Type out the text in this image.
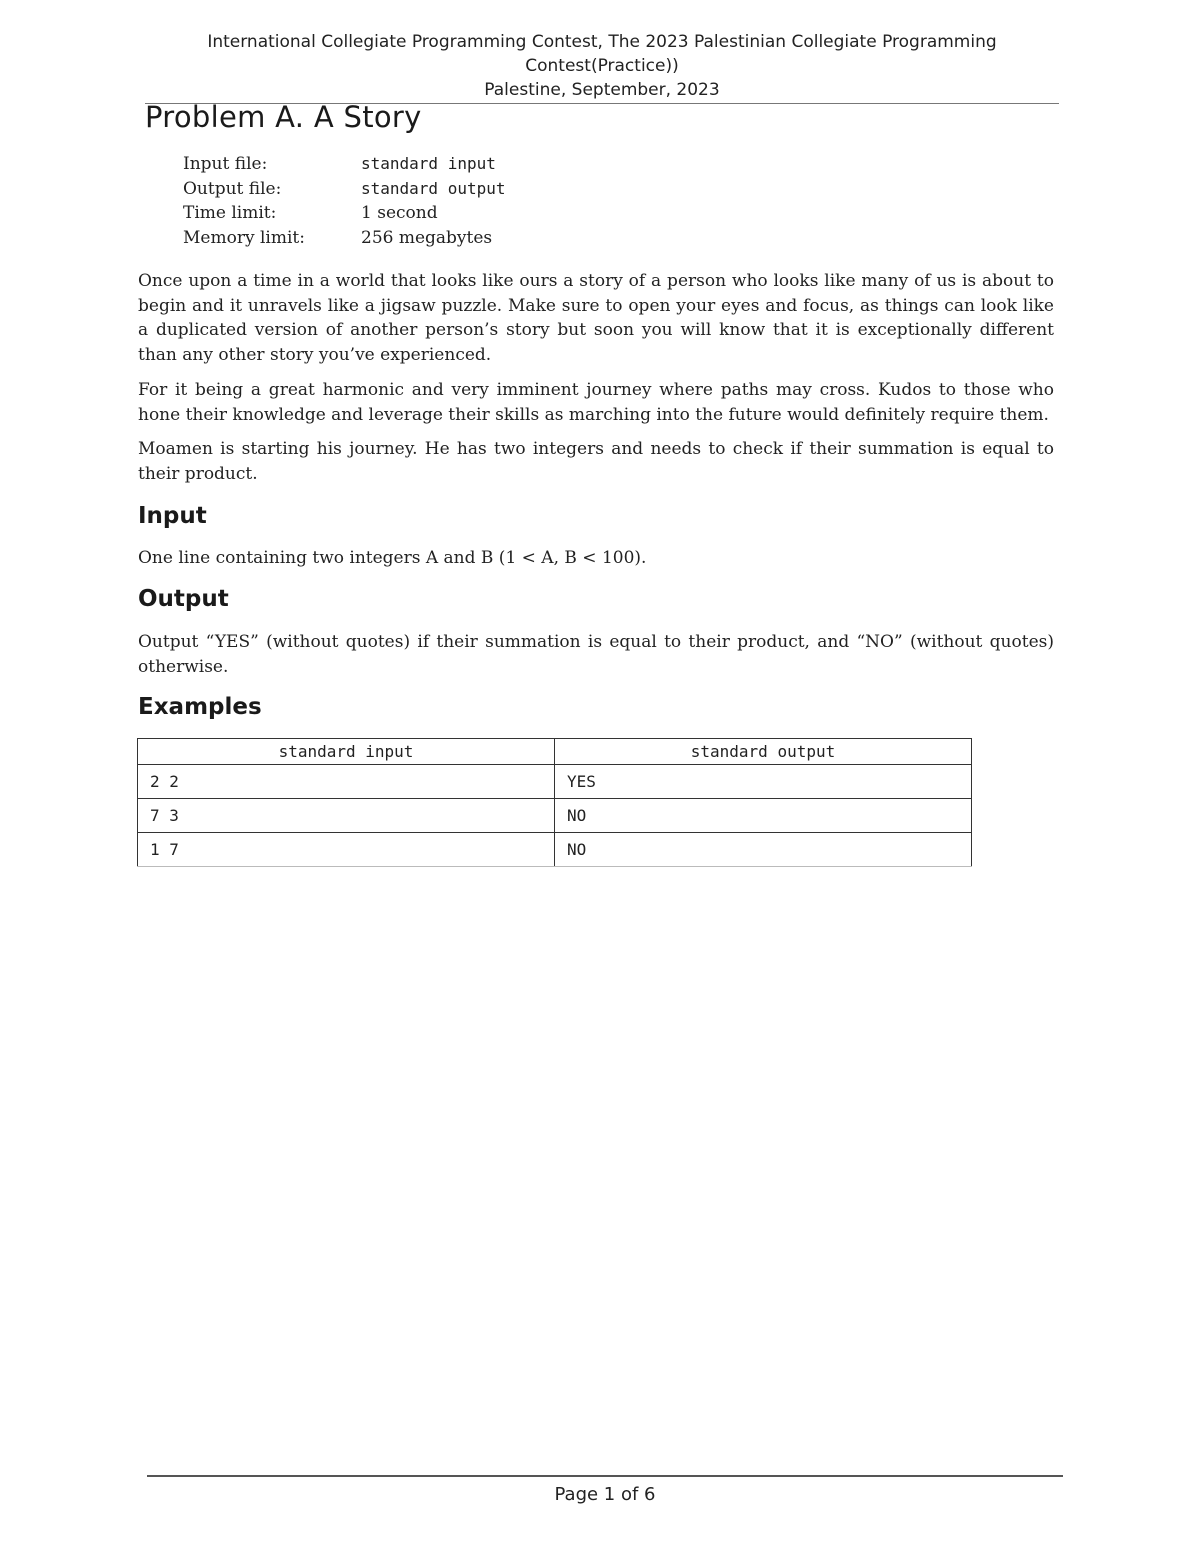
International Collegiate Programming Contest, The 2023 Palestinian Collegiate Programming
Contest(Practice))
Palestine, September, 2023
Problem A. A Story
Input file:	standard input
Output file:	standard output
Time limit:	1 second
Memory limit:	256 megabytes

Once upon a time in a world that looks like ours a story of a person who looks like many of us is about to begin and it unravels like a jigsaw puzzle. Make sure to open your eyes and focus, as things can look like a duplicated version of another person’s story but soon you will know that it is exceptionally different than any other story you’ve experienced.

For it being a great harmonic and very imminent journey where paths may cross. Kudos to those who hone their knowledge and leverage their skills as marching into the future would definitely require them.

Moamen is starting his journey. He has two integers and needs to check if their summation is equal to their product.

Input

One line containing two integers A and B (1 < A, B < 100).

Output

Output “YES” (without quotes) if their summation is equal to their product, and “NO” (without quotes) otherwise.

Examples
standard input	standard output
2 2	YES
7 3	NO
1 7	NO
Page 1 of 6
